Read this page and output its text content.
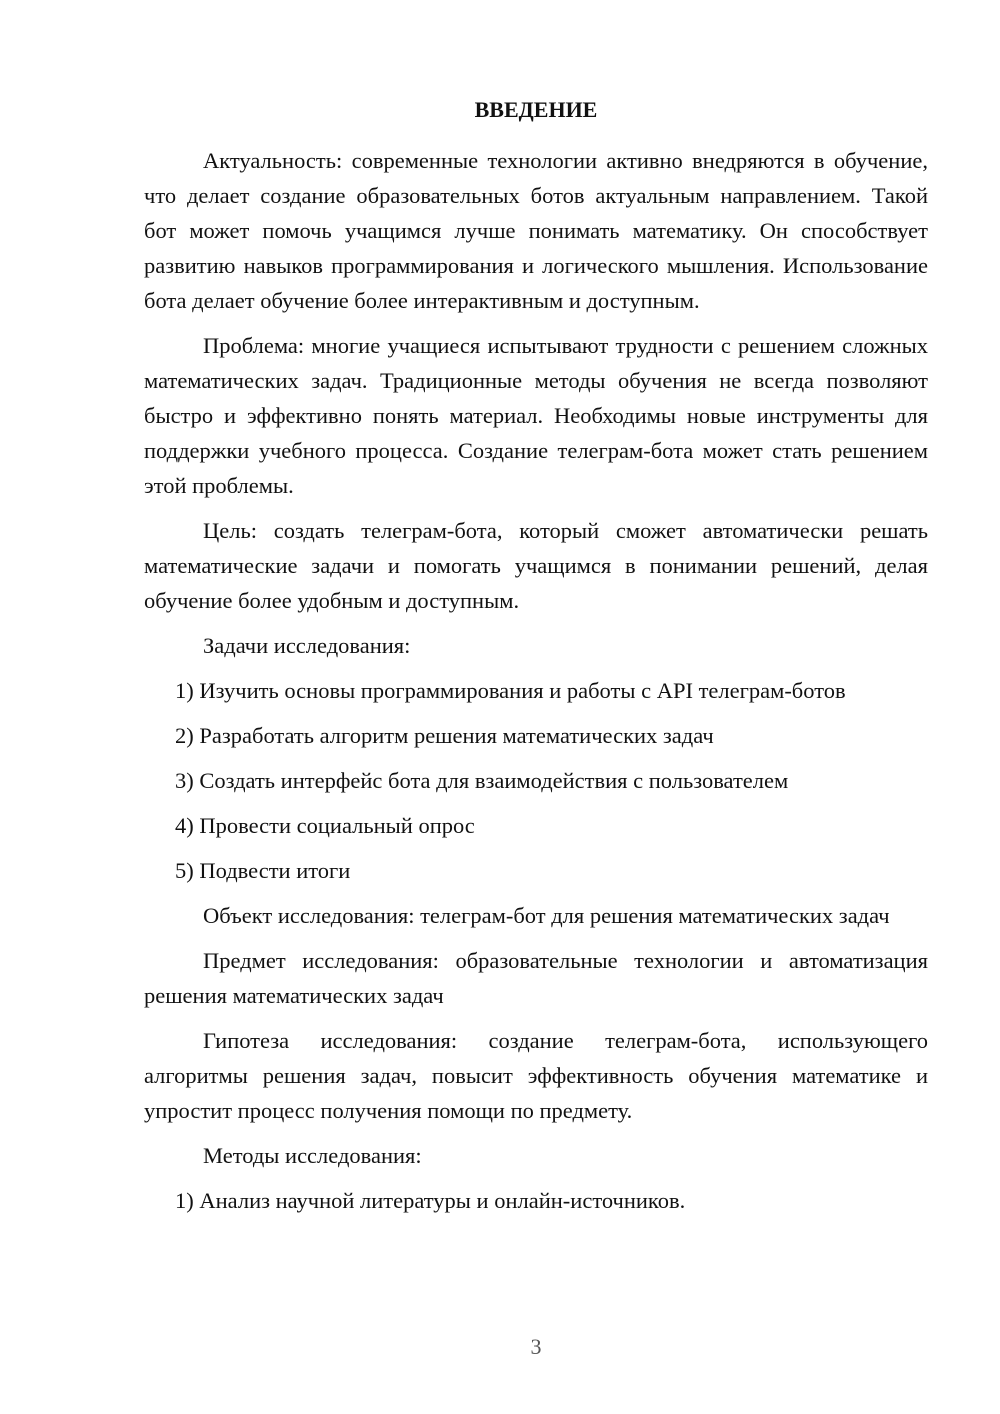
ВВЕДЕНИЕ

Актуальность: современные технологии активно внедряются в обучение, что делает создание образовательных ботов актуальным направлением. Такой бот может помочь учащимся лучше понимать математику. Он способствует развитию навыков программирования и логического мышления. Использование бота делает обучение более интерактивным и доступным.

Проблема: многие учащиеся испытывают трудности с решением сложных математических задач. Традиционные методы обучения не всегда позволяют быстро и эффективно понять материал. Необходимы новые инструменты для поддержки учебного процесса. Создание телеграм-бота может стать решением этой проблемы.

Цель: создать телеграм-бота, который сможет автоматически решать математические задачи и помогать учащимся в понимании решений, делая обучение более удобным и доступным.

Задачи исследования:
1) Изучить основы программирования и работы с API телеграм-ботов
2) Разработать алгоритм решения математических задач
3) Создать интерфейс бота для взаимодействия с пользователем
4) Провести социальный опрос
5) Подвести итоги

Объект исследования: телеграм-бот для решения математических задач

Предмет исследования: образовательные технологии и автоматизация решения математических задач

Гипотеза исследования: создание телеграм-бота, использующего алгоритмы решения задач, повысит эффективность обучения математике и упростит процесс получения помощи по предмету.

Методы исследования:
1) Анализ научной литературы и онлайн-источников.
3
